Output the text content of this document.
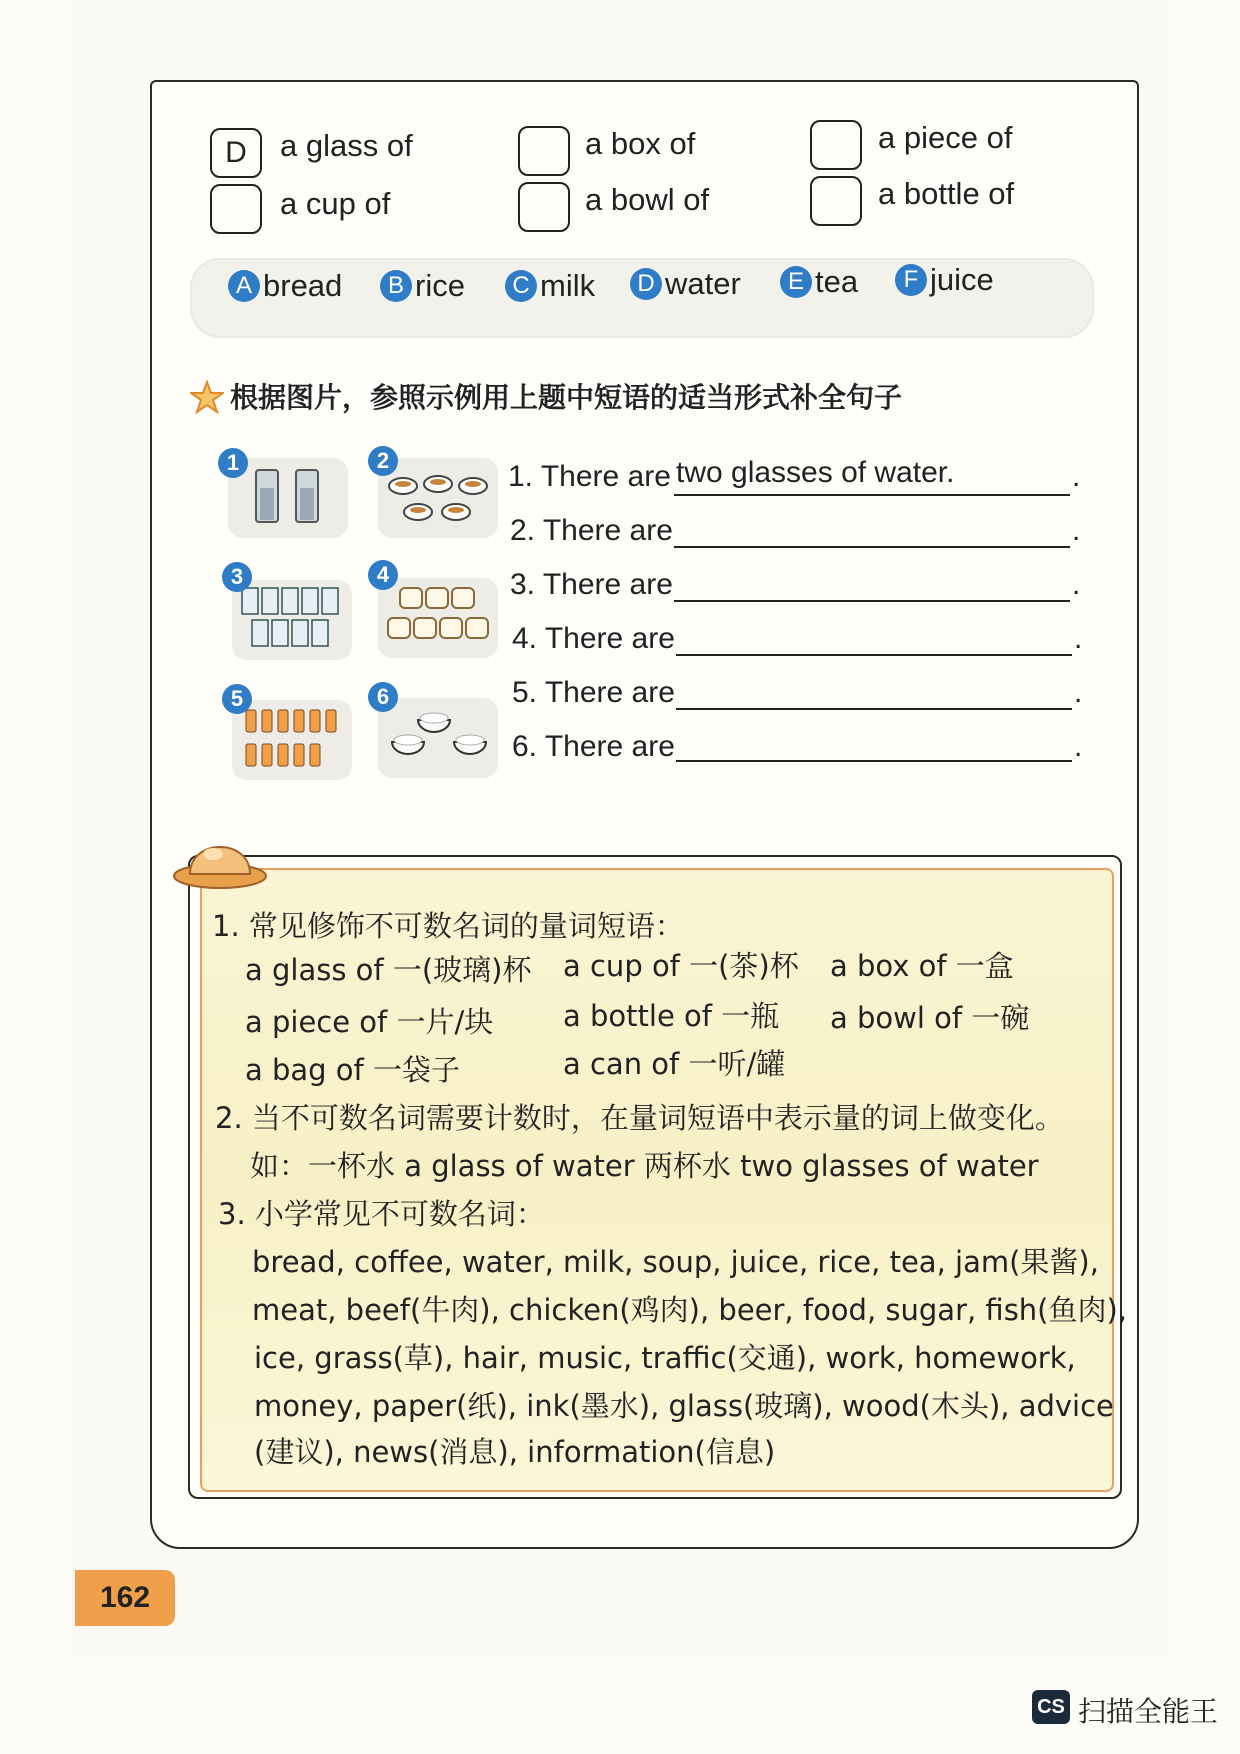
D	a glass of	a box of	a piece of
a cup of	a bowl of	a bottle of
A bread	B rice	C milk	D water	E tea	F juice
根据图片，参照示例用上题中短语的适当形式补全句子
1	2
3	4
5	6
1. There are two glasses of water.	.
2. There are	.
3. There are	.
4. There are	.
5. There are	.
6. There are	.
1. 常见修饰不可数名词的量词短语：
a glass of 一(玻璃)杯 a cup of 一(茶)杯 a box of 一盒
a piece of 一片/块 a bottle of 一瓶 a bowl of 一碗
a bag of 一袋子	a can of 一听/罐
2. 当不可数名词需要计数时，在量词短语中表示量的词上做变化。
如：一杯水 a glass of water 两杯水 two glasses of water
3. 小学常见不可数名词：
bread, coffee, water, milk, soup, juice, rice, tea, jam(果酱),
meat, beef(牛肉), chicken(鸡肉), beer, food, sugar, fish(鱼肉),
ice, grass(草), hair, music, traffic(交通), work, homework,
money, paper(纸), ink(墨水), glass(玻璃), wood(木头), advice
(建议), news(消息), information(信息)
162
CS 扫描全能王
